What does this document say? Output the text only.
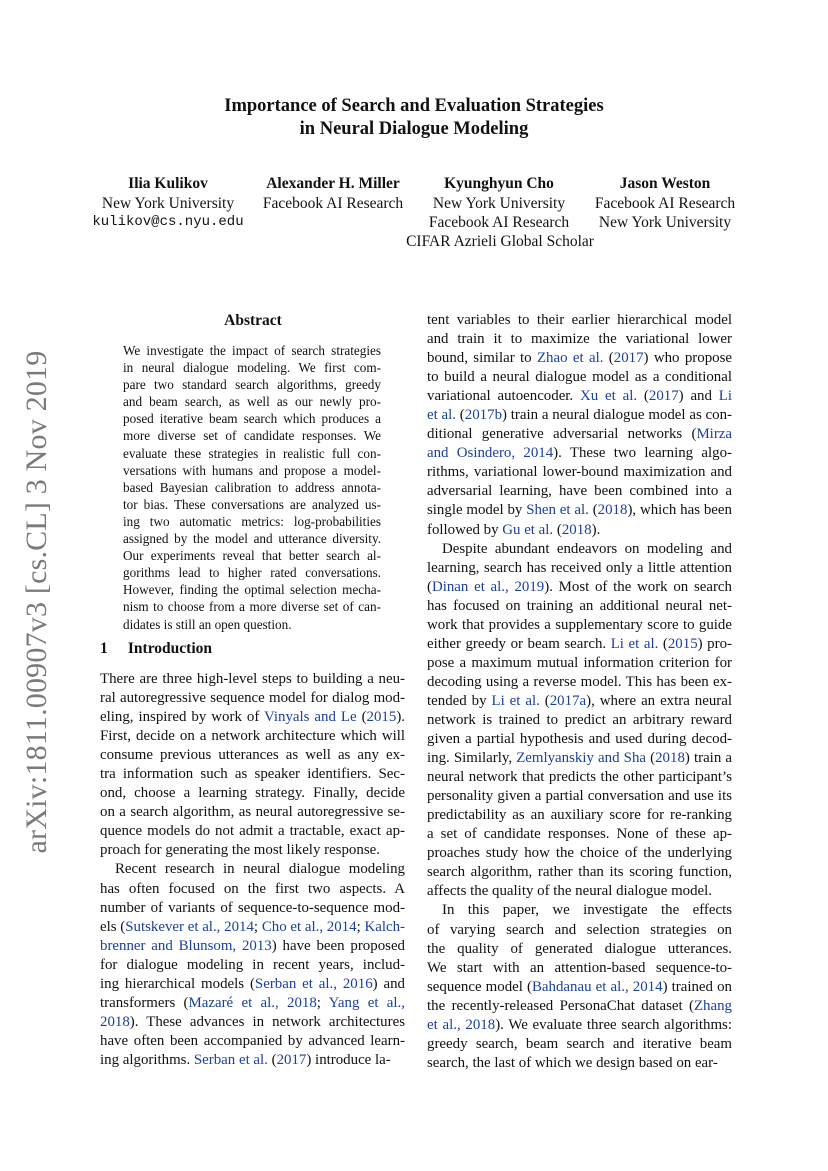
Importance of Search and Evaluation Strategies
in Neural Dialogue Modeling
Ilia Kulikov
New York University
kulikov@cs.nyu.edu
Alexander H. Miller
Facebook AI Research
Kyunghyun Cho
New York University
Facebook AI Research
Jason Weston
Facebook AI Research
New York University
CIFAR Azrieli Global Scholar
arXiv:1811.00907v3 [cs.CL] 3 Nov 2019
Abstract
We investigate the impact of search strategies
in neural dialogue modeling. We first com-
pare two standard search algorithms, greedy
and beam search, as well as our newly pro-
posed iterative beam search which produces a
more diverse set of candidate responses. We
evaluate these strategies in realistic full con-
versations with humans and propose a model-
based Bayesian calibration to address annota-
tor bias. These conversations are analyzed us-
ing two automatic metrics: log-probabilities
assigned by the model and utterance diversity.
Our experiments reveal that better search al-
gorithms lead to higher rated conversations.
However, finding the optimal selection mecha-
nism to choose from a more diverse set of can-
didates is still an open question.
1 Introduction
There are three high-level steps to building a neu-
ral autoregressive sequence model for dialog mod-
eling, inspired by work of Vinyals and Le (2015).
First, decide on a network architecture which will
consume previous utterances as well as any ex-
tra information such as speaker identifiers. Sec-
ond, choose a learning strategy. Finally, decide
on a search algorithm, as neural autoregressive se-
quence models do not admit a tractable, exact ap-
proach for generating the most likely response.
Recent research in neural dialogue modeling
has often focused on the first two aspects. A
number of variants of sequence-to-sequence mod-
els (Sutskever et al., 2014; Cho et al., 2014; Kalch-
brenner and Blunsom, 2013) have been proposed
for dialogue modeling in recent years, includ-
ing hierarchical models (Serban et al., 2016) and
transformers (Mazaré et al., 2018; Yang et al.,
2018). These advances in network architectures
have often been accompanied by advanced learn-
ing algorithms. Serban et al. (2017) introduce la-
tent variables to their earlier hierarchical model
and train it to maximize the variational lower
bound, similar to Zhao et al. (2017) who propose
to build a neural dialogue model as a conditional
variational autoencoder. Xu et al. (2017) and Li
et al. (2017b) train a neural dialogue model as con-
ditional generative adversarial networks (Mirza
and Osindero, 2014). These two learning algo-
rithms, variational lower-bound maximization and
adversarial learning, have been combined into a
single model by Shen et al. (2018), which has been
followed by Gu et al. (2018).
Despite abundant endeavors on modeling and
learning, search has received only a little attention
(Dinan et al., 2019). Most of the work on search
has focused on training an additional neural net-
work that provides a supplementary score to guide
either greedy or beam search. Li et al. (2015) pro-
pose a maximum mutual information criterion for
decoding using a reverse model. This has been ex-
tended by Li et al. (2017a), where an extra neural
network is trained to predict an arbitrary reward
given a partial hypothesis and used during decod-
ing. Similarly, Zemlyanskiy and Sha (2018) train a
neural network that predicts the other participant’s
personality given a partial conversation and use its
predictability as an auxiliary score for re-ranking
a set of candidate responses. None of these ap-
proaches study how the choice of the underlying
search algorithm, rather than its scoring function,
affects the quality of the neural dialogue model.
In this paper, we investigate the effects
of varying search and selection strategies on
the quality of generated dialogue utterances.
We start with an attention-based sequence-to-
sequence model (Bahdanau et al., 2014) trained on
the recently-released PersonaChat dataset (Zhang
et al., 2018). We evaluate three search algorithms:
greedy search, beam search and iterative beam
search, the last of which we design based on ear-
